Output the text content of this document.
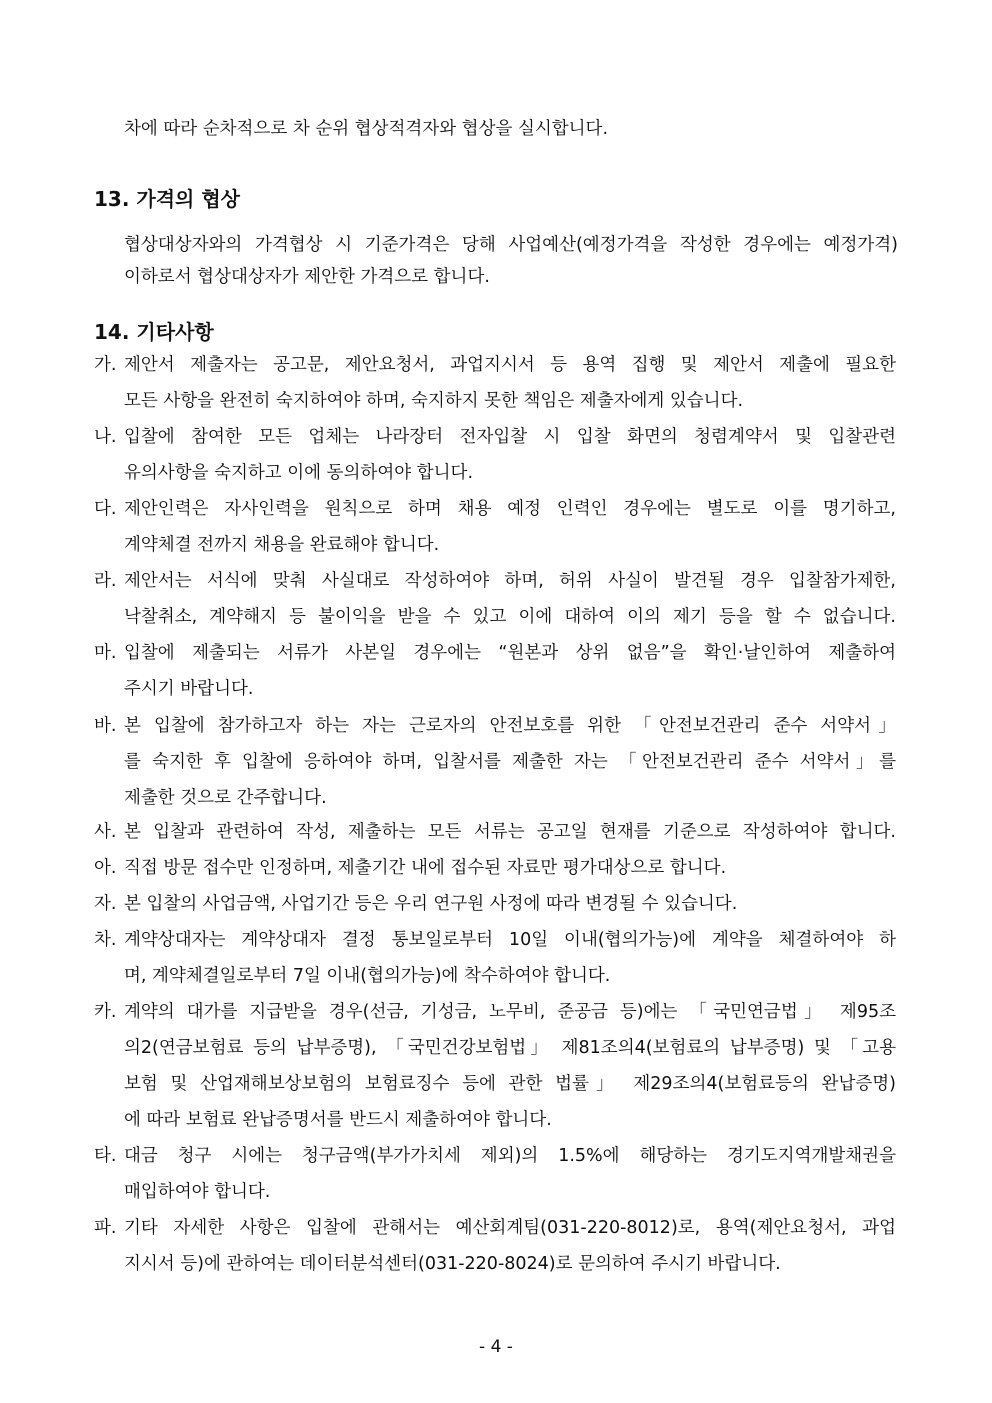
차에 따라 순차적으로 차 순위 협상적격자와 협상을 실시합니다.
13. 가격의 협상
협상대상자와의 가격협상 시 기준가격은 당해 사업예산(예정가격을 작성한 경우에는 예정가격)
이하로서 협상대상자가 제안한 가격으로 합니다.
14. 기타사항
가. 제안서 제출자는 공고문, 제안요청서, 과업지시서 등 용역 집행 및 제안서 제출에 필요한
모든 사항을 완전히 숙지하여야 하며, 숙지하지 못한 책임은 제출자에게 있습니다.
나. 입찰에 참여한 모든 업체는 나라장터 전자입찰 시 입찰 화면의 청렴계약서 및 입찰관련
유의사항을 숙지하고 이에 동의하여야 합니다.
다. 제안인력은 자사인력을 원칙으로 하며 채용 예정 인력인 경우에는 별도로 이를 명기하고,
계약체결 전까지 채용을 완료해야 합니다.
라. 제안서는 서식에 맞춰 사실대로 작성하여야 하며, 허위 사실이 발견될 경우 입찰참가제한,
낙찰취소, 계약해지 등 불이익을 받을 수 있고 이에 대하여 이의 제기 등을 할 수 없습니다.
마. 입찰에 제출되는 서류가 사본일 경우에는 “원본과 상위 없음”을 확인·날인하여 제출하여
주시기 바랍니다.
바. 본 입찰에 참가하고자 하는 자는 근로자의 안전보호를 위한 「안전보건관리 준수 서약서」
를 숙지한 후 입찰에 응하여야 하며, 입찰서를 제출한 자는 「안전보건관리 준수 서약서」를
제출한 것으로 간주합니다.
사. 본 입찰과 관련하여 작성, 제출하는 모든 서류는 공고일 현재를 기준으로 작성하여야 합니다.
아. 직접 방문 접수만 인정하며, 제출기간 내에 접수된 자료만 평가대상으로 합니다.
자. 본 입찰의 사업금액, 사업기간 등은 우리 연구원 사정에 따라 변경될 수 있습니다.
차. 계약상대자는 계약상대자 결정 통보일로부터 10일 이내(협의가능)에 계약을 체결하여야 하
며, 계약체결일로부터 7일 이내(협의가능)에 착수하여야 합니다.
카. 계약의 대가를 지급받을 경우(선금, 기성금, 노무비, 준공금 등)에는 「국민연금법」 제95조
의2(연금보험료 등의 납부증명), 「국민건강보험법」 제81조의4(보험료의 납부증명) 및 「고용
보험 및 산업재해보상보험의 보험료징수 등에 관한 법률」 제29조의4(보험료등의 완납증명)
에 따라 보험료 완납증명서를 반드시 제출하여야 합니다.
타. 대금 청구 시에는 청구금액(부가가치세 제외)의 1.5%에 해당하는 경기도지역개발채권을
매입하여야 합니다.
파. 기타 자세한 사항은 입찰에 관해서는 예산회계팀(031-220-8012)로, 용역(제안요청서, 과업
지시서 등)에 관하여는 데이터분석센터(031-220-8024)로 문의하여 주시기 바랍니다.
- 4 -
